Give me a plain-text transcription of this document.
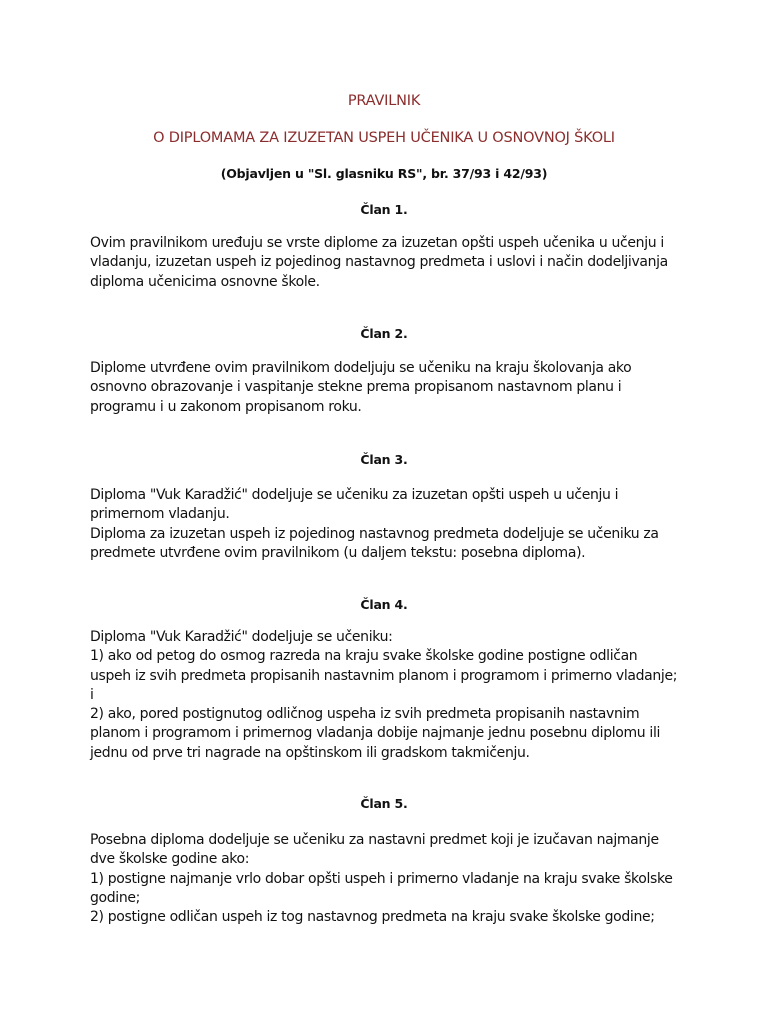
PRAVILNIK
O DIPLOMAMA ZA IZUZETAN USPEH UČENIKA U OSNOVNOJ ŠKOLI
(Objavljen u "Sl. glasniku RS", br. 37/93 i 42/93)
Član 1.
Ovim pravilnikom uređuju se vrste diplome za izuzetan opšti uspeh učenika u učenju i
vladanju, izuzetan uspeh iz pojedinog nastavnog predmeta i uslovi i način dodeljivanja
diploma učenicima osnovne škole.
Član 2.
Diplome utvrđene ovim pravilnikom dodeljuju se učeniku na kraju školovanja ako
osnovno obrazovanje i vaspitanje stekne prema propisanom nastavnom planu i
programu i u zakonom propisanom roku.
Član 3.
Diploma "Vuk Karadžić" dodeljuje se učeniku za izuzetan opšti uspeh u učenju i
primernom vladanju.
Diploma za izuzetan uspeh iz pojedinog nastavnog predmeta dodeljuje se učeniku za
predmete utvrđene ovim pravilnikom (u daljem tekstu: posebna diploma).
Član 4.
Diploma "Vuk Karadžić" dodeljuje se učeniku:
1) ako od petog do osmog razreda na kraju svake školske godine postigne odličan
uspeh iz svih predmeta propisanih nastavnim planom i programom i primerno vladanje;
i
2) ako, pored postignutog odličnog uspeha iz svih predmeta propisanih nastavnim
planom i programom i primernog vladanja dobije najmanje jednu posebnu diplomu ili
jednu od prve tri nagrade na opštinskom ili gradskom takmičenju.
Član 5.
Posebna diploma dodeljuje se učeniku za nastavni predmet koji je izučavan najmanje
dve školske godine ako:
1) postigne najmanje vrlo dobar opšti uspeh i primerno vladanje na kraju svake školske
godine;
2) postigne odličan uspeh iz tog nastavnog predmeta na kraju svake školske godine;
